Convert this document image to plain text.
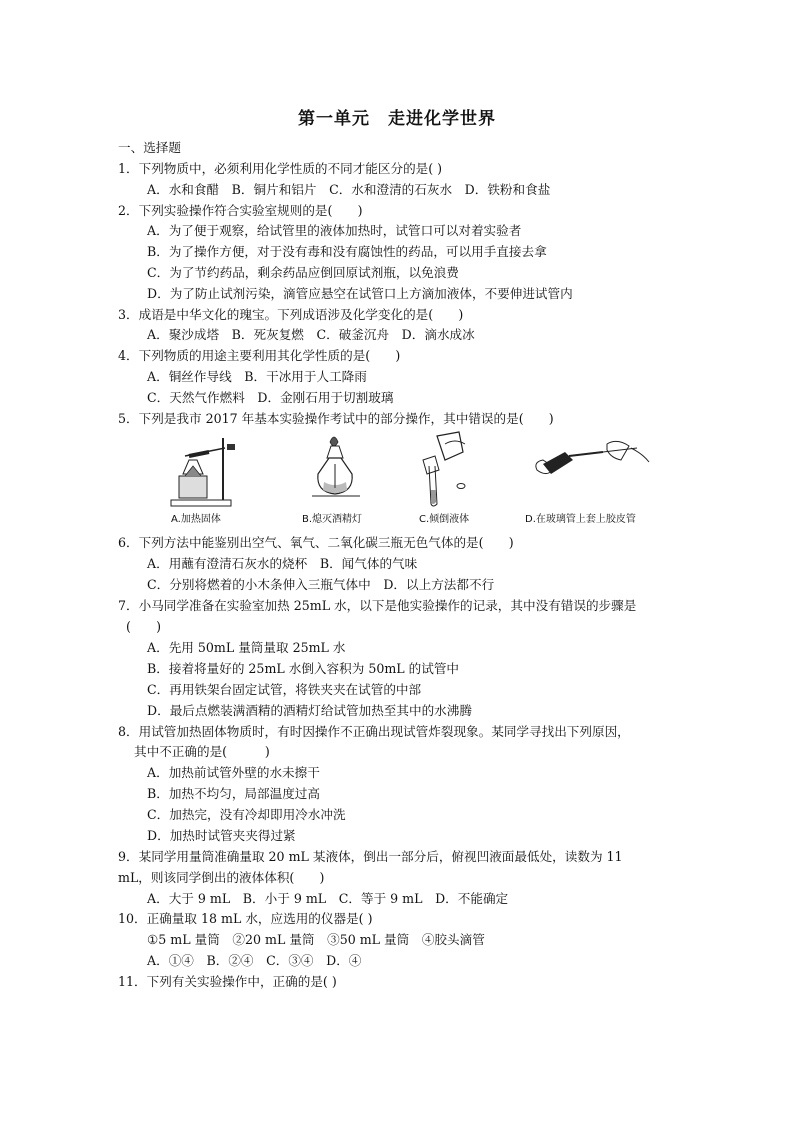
第一单元　走进化学世界
一、选择题
1．下列物质中，必须利用化学性质的不同才能区分的是( )
A．水和食醋　B．铜片和铝片　C．水和澄清的石灰水　D．铁粉和食盐
2．下列实验操作符合实验室规则的是(　　)
A．为了便于观察，给试管里的液体加热时，试管口可以对着实验者
B．为了操作方便，对于没有毒和没有腐蚀性的药品，可以用手直接去拿
C．为了节约药品，剩余药品应倒回原试剂瓶，以免浪费
D．为了防止试剂污染，滴管应悬空在试管口上方滴加液体，不要伸进试管内
3．成语是中华文化的瑰宝。下列成语涉及化学变化的是(　　)
A．聚沙成塔　B．死灰复燃　C．破釜沉舟　D．滴水成冰
4．下列物质的用途主要利用其化学性质的是(　　)
A．铜丝作导线　B．干冰用于人工降雨
C．天然气作燃料　D．金刚石用于切割玻璃
5．下列是我市 2017 年基本实验操作考试中的部分操作，其中错误的是(　　)
A.加热固体	B.熄灭酒精灯	C.倾倒液体	D.在玻璃管上套上胶皮管
6．下列方法中能鉴别出空气、氧气、二氧化碳三瓶无色气体的是(　　)
A．用蘸有澄清石灰水的烧杯　B．闻气体的气味
C．分别将燃着的小木条伸入三瓶气体中　D．以上方法都不行
7．小马同学准备在实验室加热 25mL 水，以下是他实验操作的记录，其中没有错误的步骤是
(　　)
A．先用 50mL 量筒量取 25mL 水
B．接着将量好的 25mL 水倒入容积为 50mL 的试管中
C．再用铁架台固定试管，将铁夹夹在试管的中部
D．最后点燃装满酒精的酒精灯给试管加热至其中的水沸腾
8．用试管加热固体物质时，有时因操作不正确出现试管炸裂现象。某同学寻找出下列原因，
其中不正确的是(　　　)
A．加热前试管外壁的水未擦干
B．加热不均匀，局部温度过高
C．加热完，没有冷却即用冷水冲洗
D．加热时试管夹夹得过紧
9．某同学用量筒准确量取 20 mL 某液体，倒出一部分后，俯视凹液面最低处，读数为 11
mL，则该同学倒出的液体体积(　　)
A．大于 9 mL　B．小于 9 mL　C．等于 9 mL　D．不能确定
10．正确量取 18 mL 水，应选用的仪器是( )
①5 mL 量筒　②20 mL 量筒　③50 mL 量筒　④胶头滴管
A．①④　B．②④　C．③④　D．④
11．下列有关实验操作中，正确的是( )
